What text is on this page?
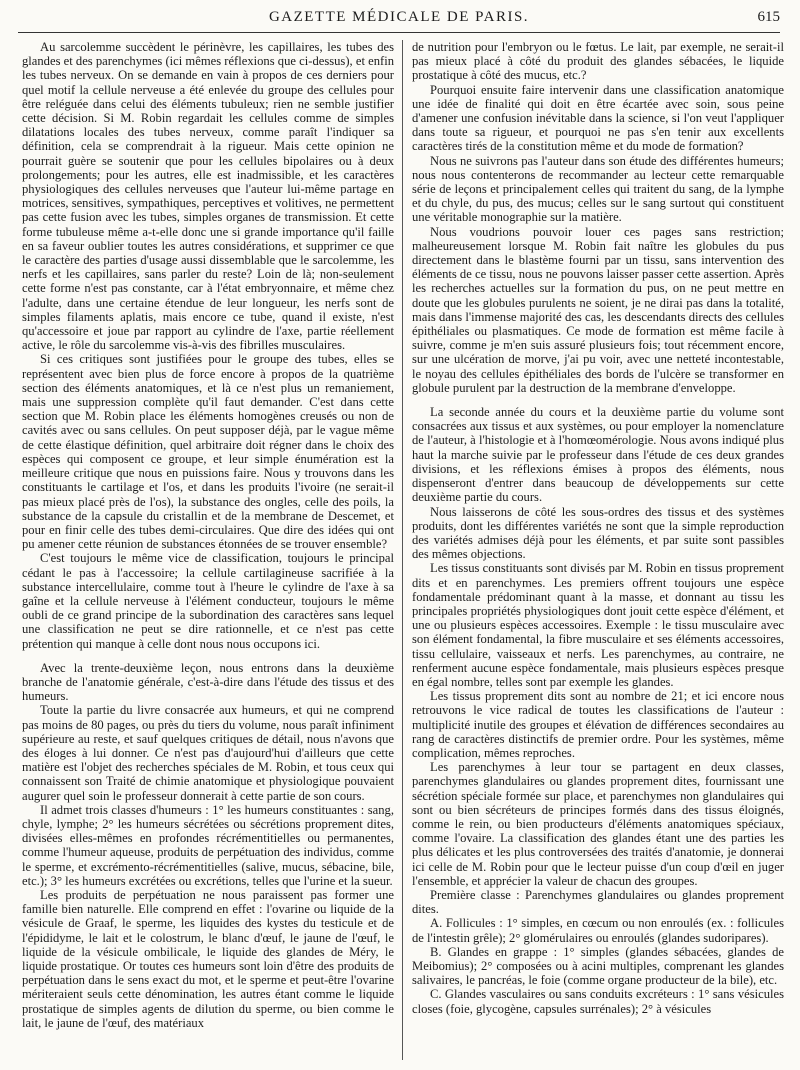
GAZETTE MÉDICALE DE PARIS.	615

Au sarcolemme succèdent le périnèvre, les capillaires, les tubes des glandes et des parenchymes (ici mêmes réflexions que ci-dessus), et enfin les tubes nerveux. On se demande en vain à propos de ces derniers pour quel motif la cellule nerveuse a été enlevée du groupe des cellules pour être reléguée dans celui des éléments tubuleux; rien ne semble justifier cette décision. Si M. Robin regardait les cellules comme de simples dilatations locales des tubes nerveux, comme paraît l'indiquer sa définition, cela se comprendrait à la rigueur. Mais cette opinion ne pourrait guère se soutenir que pour les cellules bipolaires ou à deux prolongements; pour les autres, elle est inadmissible, et les caractères physiologiques des cellules nerveuses que l'auteur lui-même partage en motrices, sensitives, sympathiques, perceptives et volitives, ne permettent pas cette fusion avec les tubes, simples organes de transmission. Et cette forme tubuleuse même a-t-elle donc une si grande importance qu'il faille en sa faveur oublier toutes les autres considérations, et supprimer ce que le caractère des parties d'usage aussi dissemblable que le sarcolemme, les nerfs et les capillaires, sans parler du reste? Loin de là; non-seulement cette forme n'est pas constante, car à l'état embryonnaire, et même chez l'adulte, dans une certaine étendue de leur longueur, les nerfs sont de simples filaments aplatis, mais encore ce tube, quand il existe, n'est qu'accessoire et joue par rapport au cylindre de l'axe, partie réellement active, le rôle du sarcolemme vis-à-vis des fibrilles musculaires.

Si ces critiques sont justifiées pour le groupe des tubes, elles se représentent avec bien plus de force encore à propos de la quatrième section des éléments anatomiques, et là ce n'est plus un remaniement, mais une suppression complète qu'il faut demander. C'est dans cette section que M. Robin place les éléments homogènes creusés ou non de cavités avec ou sans cellules. On peut supposer déjà, par le vague même de cette élastique définition, quel arbitraire doit régner dans le choix des espèces qui composent ce groupe, et leur simple énumération est la meilleure critique que nous en puissions faire. Nous y trouvons dans les constituants le cartilage et l'os, et dans les produits l'ivoire (ne serait-il pas mieux placé près de l'os), la substance des ongles, celle des poils, la substance de la capsule du cristallin et de la membrane de Descemet, et pour en finir celle des tubes demi-circulaires. Que dire des idées qui ont pu amener cette réunion de substances étonnées de se trouver ensemble?

C'est toujours le même vice de classification, toujours le principal cédant le pas à l'accessoire; la cellule cartilagineuse sacrifiée à la substance intercellulaire, comme tout à l'heure le cylindre de l'axe à sa gaîne et la cellule nerveuse à l'élément conducteur, toujours le même oubli de ce grand principe de la subordination des caractères sans lequel une classification ne peut se dire rationnelle, et ce n'est pas cette prétention qui manque à celle dont nous nous occupons ici.

Avec la trente-deuxième leçon, nous entrons dans la deuxième branche de l'anatomie générale, c'est-à-dire dans l'étude des tissus et des humeurs.

Toute la partie du livre consacrée aux humeurs, et qui ne comprend pas moins de 80 pages, ou près du tiers du volume, nous paraît infiniment supérieure au reste, et sauf quelques critiques de détail, nous n'avons que des éloges à lui donner. Ce n'est pas d'aujourd'hui d'ailleurs que cette matière est l'objet des recherches spéciales de M. Robin, et tous ceux qui connaissent son Traité de chimie anatomique et physiologique pouvaient augurer quel soin le professeur donnerait à cette partie de son cours.

Il admet trois classes d'humeurs : 1° les humeurs constituantes : sang, chyle, lymphe; 2° les humeurs sécrétées ou sécrétions proprement dites, divisées elles-mêmes en profondes récrémentitielles ou permanentes, comme l'humeur aqueuse, produits de perpétuation des individus, comme le sperme, et excrémento-récrémentitielles (salive, mucus, sébacine, bile, etc.); 3° les humeurs excrétées ou excrétions, telles que l'urine et la sueur.

Les produits de perpétuation ne nous paraissent pas former une famille bien naturelle. Elle comprend en effet : l'ovarine ou liquide de la vésicule de Graaf, le sperme, les liquides des kystes du testicule et de l'épididyme, le lait et le colostrum, le blanc d'œuf, le jaune de l'œuf, le liquide de la vésicule ombilicale, le liquide des glandes de Méry, le liquide prostatique. Or toutes ces humeurs sont loin d'être des produits de perpétuation dans le sens exact du mot, et le sperme et peut-être l'ovarine mériteraient seuls cette dénomination, les autres étant comme le liquide prostatique de simples agents de dilution du sperme, ou bien comme le lait, le jaune de l'œuf, des matériaux

de nutrition pour l'embryon ou le fœtus. Le lait, par exemple, ne serait-il pas mieux placé à côté du produit des glandes sébacées, le liquide prostatique à côté des mucus, etc.?

Pourquoi ensuite faire intervenir dans une classification anatomique une idée de finalité qui doit en être écartée avec soin, sous peine d'amener une confusion inévitable dans la science, si l'on veut l'appliquer dans toute sa rigueur, et pourquoi ne pas s'en tenir aux excellents caractères tirés de la constitution même et du mode de formation?

Nous ne suivrons pas l'auteur dans son étude des différentes humeurs; nous nous contenterons de recommander au lecteur cette remarquable série de leçons et principalement celles qui traitent du sang, de la lymphe et du chyle, du pus, des mucus; celles sur le sang surtout qui constituent une véritable monographie sur la matière.

Nous voudrions pouvoir louer ces pages sans restriction; malheureusement lorsque M. Robin fait naître les globules du pus directement dans le blastème fourni par un tissu, sans intervention des éléments de ce tissu, nous ne pouvons laisser passer cette assertion. Après les recherches actuelles sur la formation du pus, on ne peut mettre en doute que les globules purulents ne soient, je ne dirai pas dans la totalité, mais dans l'immense majorité des cas, les descendants directs des cellules épithéliales ou plasmatiques. Ce mode de formation est même facile à suivre, comme je m'en suis assuré plusieurs fois; tout récemment encore, sur une ulcération de morve, j'ai pu voir, avec une netteté incontestable, le noyau des cellules épithéliales des bords de l'ulcère se transformer en globule purulent par la destruction de la membrane d'enveloppe.

La seconde année du cours et la deuxième partie du volume sont consacrées aux tissus et aux systèmes, ou pour employer la nomenclature de l'auteur, à l'histologie et à l'homœomérologie. Nous avons indiqué plus haut la marche suivie par le professeur dans l'étude de ces deux grandes divisions, et les réflexions émises à propos des éléments, nous dispenseront d'entrer dans beaucoup de développements sur cette deuxième partie du cours.

Nous laisserons de côté les sous-ordres des tissus et des systèmes produits, dont les différentes variétés ne sont que la simple reproduction des variétés admises déjà pour les éléments, et par suite sont passibles des mêmes objections.

Les tissus constituants sont divisés par M. Robin en tissus proprement dits et en parenchymes. Les premiers offrent toujours une espèce fondamentale prédominant quant à la masse, et donnant au tissu les principales propriétés physiologiques dont jouit cette espèce d'élément, et une ou plusieurs espèces accessoires. Exemple : le tissu musculaire avec son élément fondamental, la fibre musculaire et ses éléments accessoires, tissu cellulaire, vaisseaux et nerfs. Les parenchymes, au contraire, ne renferment aucune espèce fondamentale, mais plusieurs espèces presque en égal nombre, telles sont par exemple les glandes.

Les tissus proprement dits sont au nombre de 21; et ici encore nous retrouvons le vice radical de toutes les classifications de l'auteur : multiplicité inutile des groupes et élévation de différences secondaires au rang de caractères distinctifs de premier ordre. Pour les systèmes, même complication, mêmes reproches.

Les parenchymes à leur tour se partagent en deux classes, parenchymes glandulaires ou glandes proprement dites, fournissant une sécrétion spéciale formée sur place, et parenchymes non glandulaires qui sont ou bien sécréteurs de principes formés dans des tissus éloignés, comme le rein, ou bien producteurs d'éléments anatomiques spéciaux, comme l'ovaire. La classification des glandes étant une des parties les plus délicates et les plus controversées des traités d'anatomie, je donnerai ici celle de M. Robin pour que le lecteur puisse d'un coup d'œil en juger l'ensemble, et apprécier la valeur de chacun des groupes.

Première classe : Parenchymes glandulaires ou glandes proprement dites.

A. Follicules : 1° simples, en cœcum ou non enroulés (ex. : follicules de l'intestin grêle); 2° glomérulaires ou enroulés (glandes sudoripares).

B. Glandes en grappe : 1° simples (glandes sébacées, glandes de Meibomius); 2° composées ou à acini multiples, comprenant les glandes salivaires, le pancréas, le foie (comme organe producteur de la bile), etc.

C. Glandes vasculaires ou sans conduits excréteurs : 1° sans vésicules closes (foie, glycogène, capsules surrénales); 2° à vésicules
